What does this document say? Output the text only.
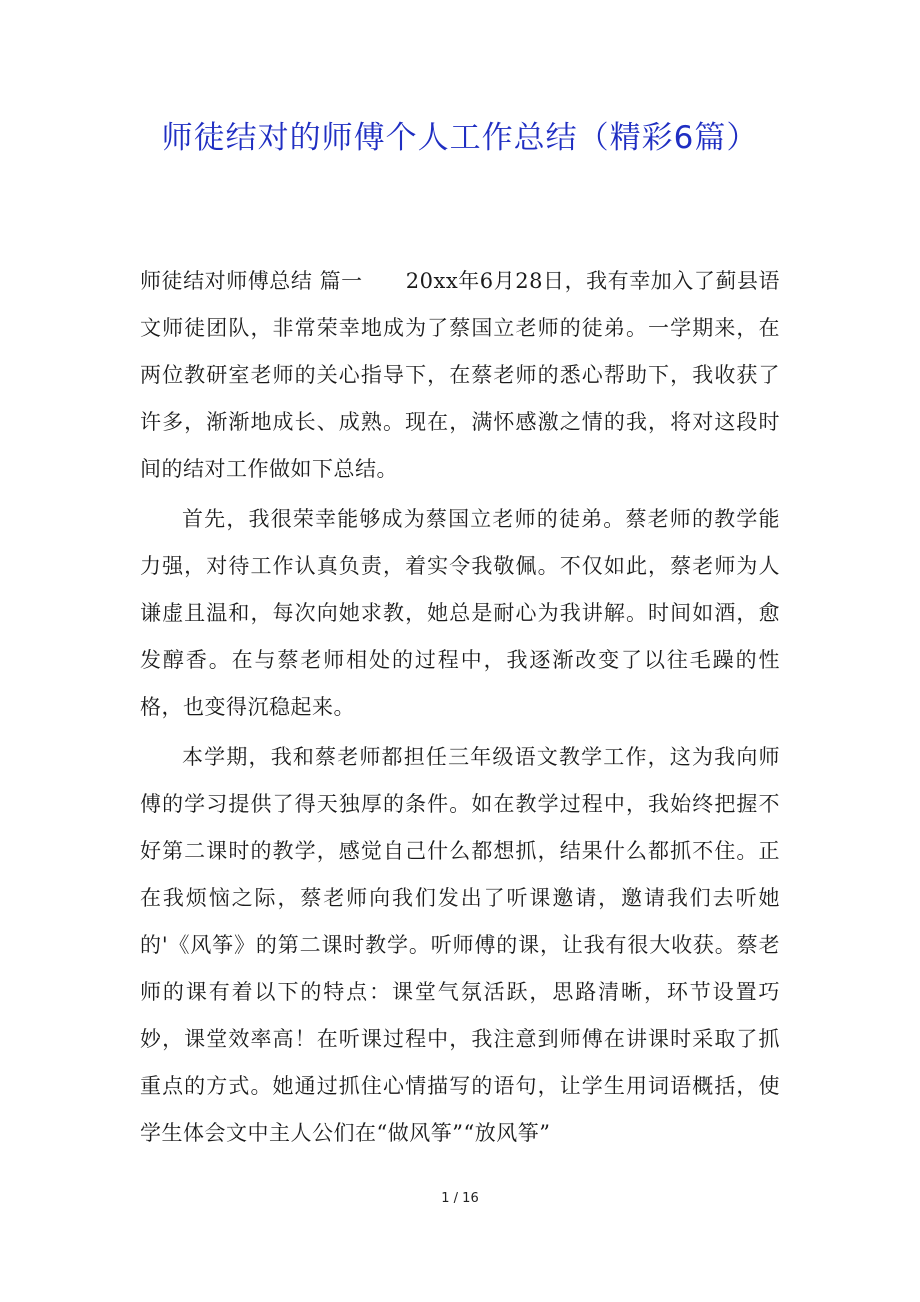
师徒结对的师傅个人工作总结（精彩6篇）

师徒结对师傅总结 篇一　　20xx年6月28日，我有幸加入了蓟县语文师徒团队，非常荣幸地成为了蔡国立老师的徒弟。一学期来，在两位教研室老师的关心指导下，在蔡老师的悉心帮助下，我收获了许多，渐渐地成长、成熟。现在，满怀感激之情的我，将对这段时间的结对工作做如下总结。

首先，我很荣幸能够成为蔡国立老师的徒弟。蔡老师的教学能力强，对待工作认真负责，着实令我敬佩。不仅如此，蔡老师为人谦虚且温和，每次向她求教，她总是耐心为我讲解。时间如酒，愈发醇香。在与蔡老师相处的过程中，我逐渐改变了以往毛躁的性格，也变得沉稳起来。

本学期，我和蔡老师都担任三年级语文教学工作，这为我向师傅的学习提供了得天独厚的条件。如在教学过程中，我始终把握不好第二课时的教学，感觉自己什么都想抓，结果什么都抓不住。正在我烦恼之际，蔡老师向我们发出了听课邀请，邀请我们去听她的'《风筝》的第二课时教学。听师傅的课，让我有很大收获。蔡老师的课有着以下的特点：课堂气氛活跃，思路清晰，环节设置巧妙，课堂效率高！在听课过程中，我注意到师傅在讲课时采取了抓重点的方式。她通过抓住心情描写的语句，让学生用词语概括，使学生体会文中主人公们在“做风筝”“放风筝”

1 / 16
